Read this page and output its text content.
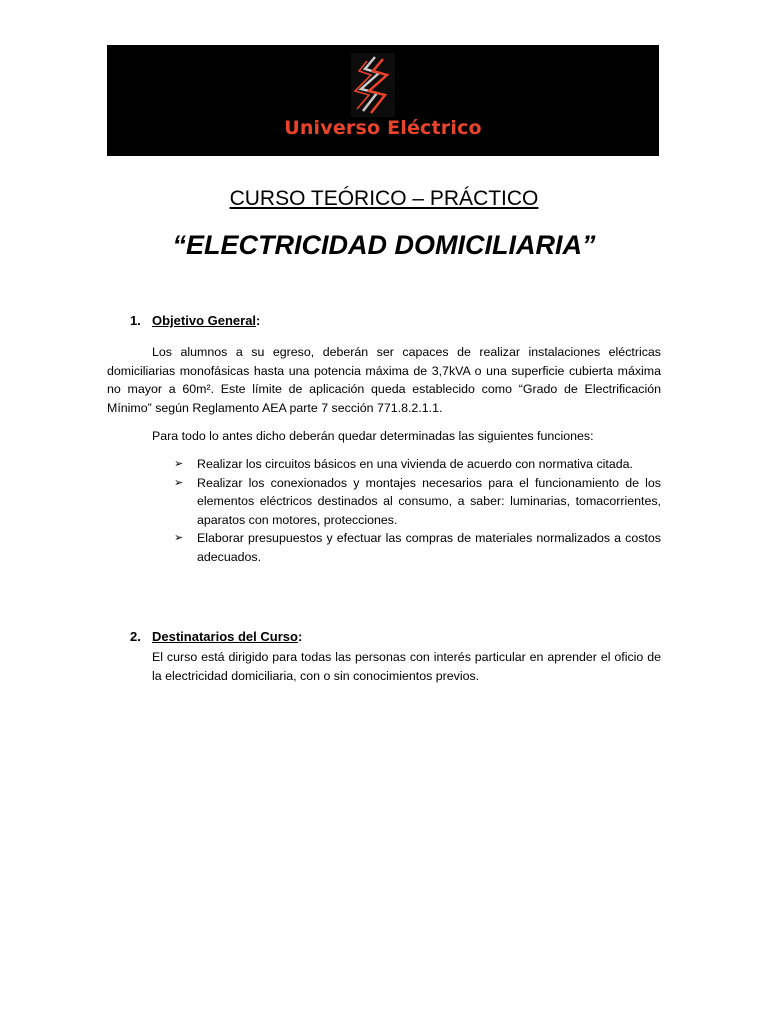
Universo Eléctrico
CURSO TEÓRICO – PRÁCTICO
“ELECTRICIDAD DOMICILIARIA”
1. Objetivo General:

Los alumnos a su egreso, deberán ser capaces de realizar instalaciones eléctricas domiciliarias monofásicas hasta una potencia máxima de 3,7kVA o una superficie cubierta máxima no mayor a 60m². Este límite de aplicación queda establecido como “Grado de Electrificación Mínimo” según Reglamento AEA parte 7 sección 771.8.2.1.1.

Para todo lo antes dicho deberán quedar determinadas las siguientes funciones:

➢ Realizar los circuitos básicos en una vivienda de acuerdo con normativa citada.
➢ Realizar los conexionados y montajes necesarios para el funcionamiento de los elementos eléctricos destinados al consumo, a saber: luminarias, tomacorrientes, aparatos con motores, protecciones.
➢ Elaborar presupuestos y efectuar las compras de materiales normalizados a costos adecuados.
2. Destinatarios del Curso:

El curso está dirigido para todas las personas con interés particular en aprender el oficio de la electricidad domiciliaria, con o sin conocimientos previos.
